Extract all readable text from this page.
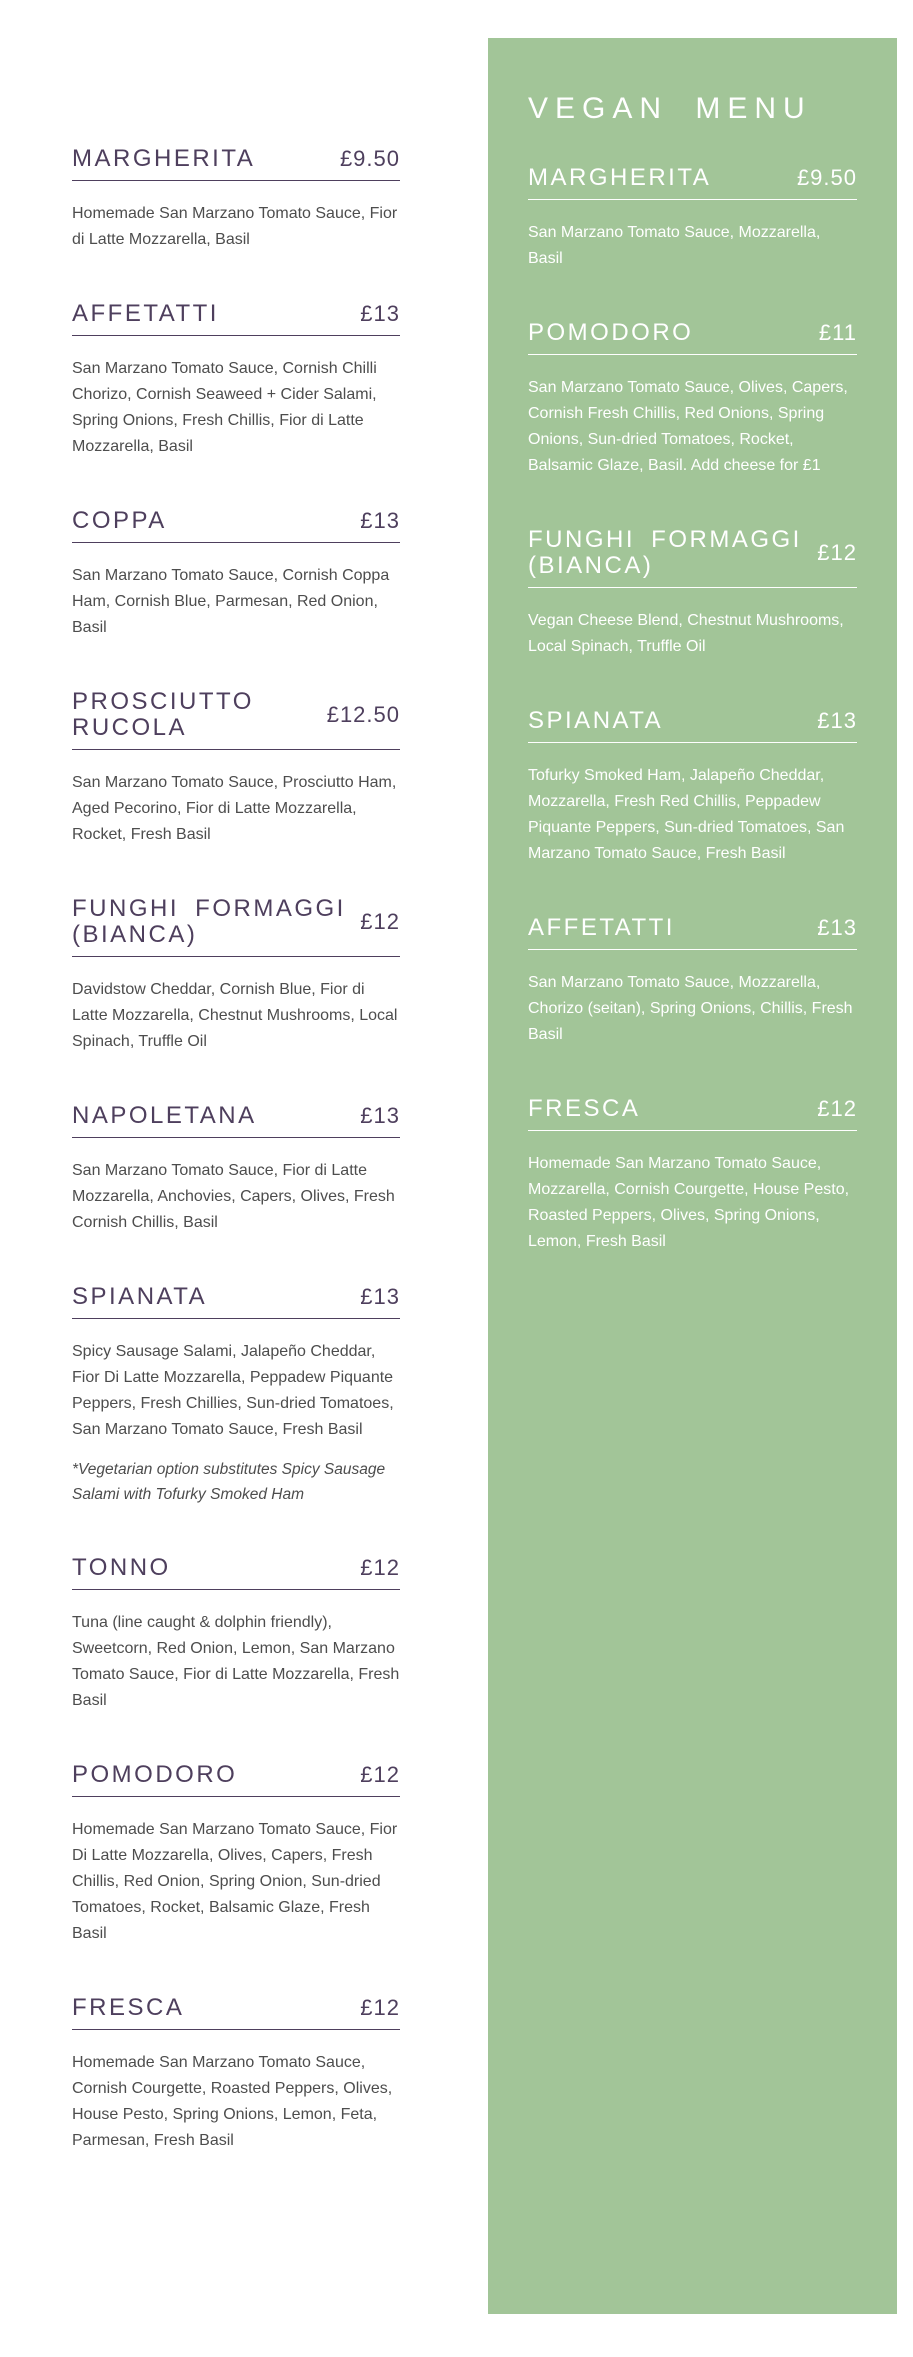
MARGHERITA	£9.50

Homemade San Marzano Tomato Sauce, Fior di Latte Mozzarella, Basil

AFFETATTI	£13

San Marzano Tomato Sauce, Cornish Chilli Chorizo, Cornish Seaweed + Cider Salami, Spring Onions, Fresh Chillis, Fior di Latte Mozzarella, Basil

COPPA	£13

San Marzano Tomato Sauce, Cornish Coppa Ham, Cornish Blue, Parmesan, Red Onion, Basil

PROSCIUTTO RUCOLA	£12.50

San Marzano Tomato Sauce, Prosciutto Ham, Aged Pecorino, Fior di Latte Mozzarella, Rocket, Fresh Basil

FUNGHI FORMAGGI (BIANCA)	£12

Davidstow Cheddar, Cornish Blue, Fior di Latte Mozzarella, Chestnut Mushrooms, Local Spinach, Truffle Oil

NAPOLETANA	£13

San Marzano Tomato Sauce, Fior di Latte Mozzarella, Anchovies, Capers, Olives, Fresh Cornish Chillis, Basil

SPIANATA	£13

Spicy Sausage Salami, Jalapeño Cheddar, Fior Di Latte Mozzarella, Peppadew Piquante Peppers, Fresh Chillies, Sun-dried Tomatoes, San Marzano Tomato Sauce, Fresh Basil

*Vegetarian option substitutes Spicy Sausage Salami with Tofurky Smoked Ham

TONNO	£12

Tuna (line caught & dolphin friendly), Sweetcorn, Red Onion, Lemon, San Marzano Tomato Sauce, Fior di Latte Mozzarella, Fresh Basil

POMODORO	£12

Homemade San Marzano Tomato Sauce, Fior Di Latte Mozzarella, Olives, Capers, Fresh Chillis, Red Onion, Spring Onion, Sun-dried Tomatoes, Rocket, Balsamic Glaze, Fresh Basil

FRESCA	£12

Homemade San Marzano Tomato Sauce, Cornish Courgette, Roasted Peppers, Olives, House Pesto, Spring Onions, Lemon, Feta, Parmesan, Fresh Basil

VEGAN MENU
MARGHERITA	£9.50

San Marzano Tomato Sauce, Mozzarella, Basil

POMODORO	£11

San Marzano Tomato Sauce, Olives, Capers, Cornish Fresh Chillis, Red Onions, Spring Onions, Sun-dried Tomatoes, Rocket, Balsamic Glaze, Basil. Add cheese for £1

FUNGHI FORMAGGI (BIANCA)	£12

Vegan Cheese Blend, Chestnut Mushrooms, Local Spinach, Truffle Oil

SPIANATA	£13

Tofurky Smoked Ham, Jalapeño Cheddar, Mozzarella, Fresh Red Chillis, Peppadew Piquante Peppers, Sun-dried Tomatoes, San Marzano Tomato Sauce, Fresh Basil

AFFETATTI	£13

San Marzano Tomato Sauce, Mozzarella, Chorizo (seitan), Spring Onions, Chillis, Fresh Basil

FRESCA	£12

Homemade San Marzano Tomato Sauce, Mozzarella, Cornish Courgette, House Pesto, Roasted Peppers, Olives, Spring Onions, Lemon, Fresh Basil
